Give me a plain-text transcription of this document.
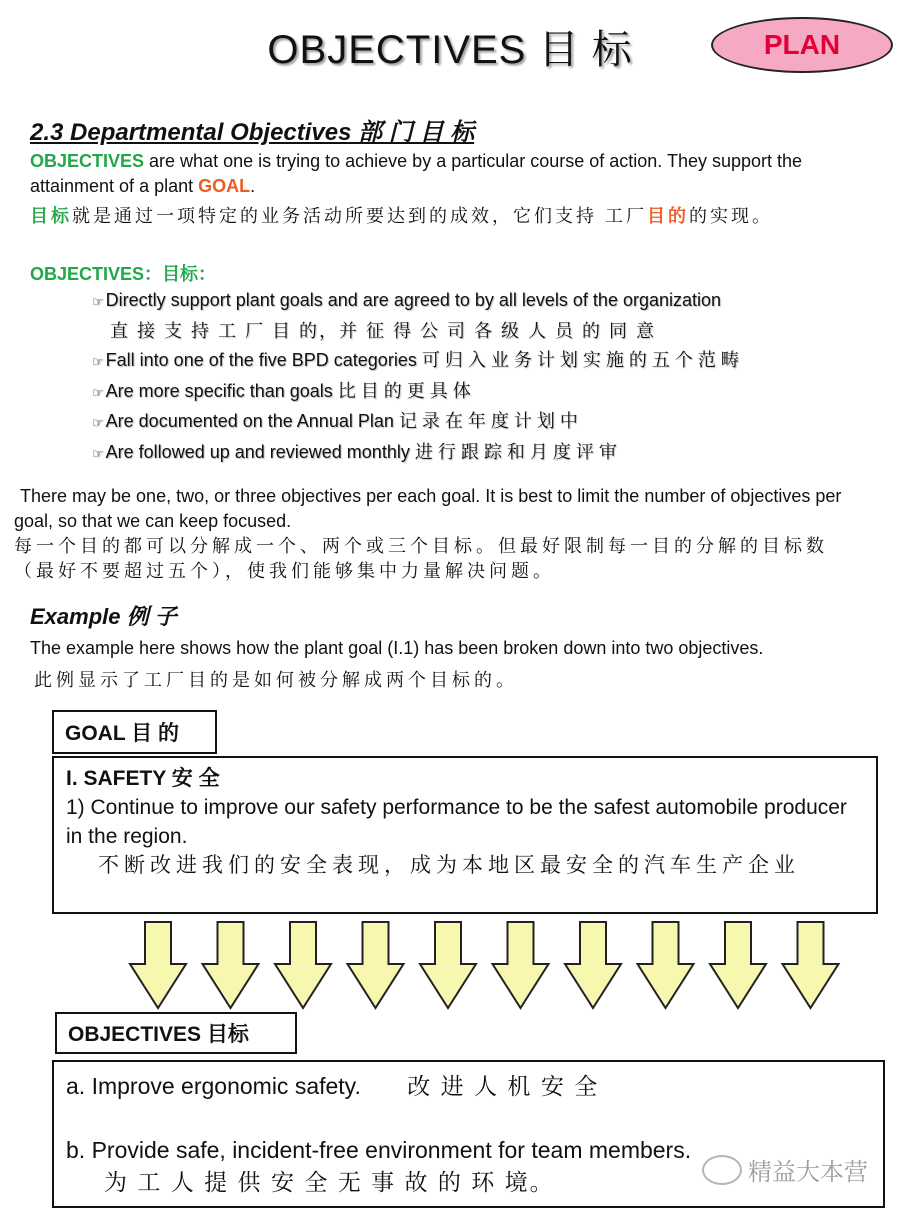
OBJECTIVES 目 标	PLAN
2.3 Departmental Objectives 部 门 目 标
OBJECTIVES are what one is trying to achieve by a particular course of action. They support the attainment of a plant GOAL.
目标就是通过一项特定的业务活动所要达到的成效，它们支持 工厂目的的实现。
OBJECTIVES：目标：
☞ Directly support plant goals and are agreed to by all levels of the organization
直 接 支 持 工 厂 目 的，并 征 得 公 司 各 级 人 员 的 同 意
☞ Fall into one of the five BPD categories 可 归 入 业 务 计 划 实 施 的 五 个 范 畴
☞ Are more specific than goals 比 目 的 更 具 体
☞ Are documented on the Annual Plan 记 录 在 年 度 计 划 中
☞ Are followed up and reviewed monthly 进 行 跟 踪 和 月 度 评 审
There may be one, two, or three objectives per each goal. It is best to limit the number of objectives per goal, so that we can keep focused.
每一个目的都可以分解成一个、两个或三个目标。但最好限制每一目的分解的目标数（最好不要超过五个），使我们能够集中力量解决问题。
Example 例 子
The example here shows how the plant goal (I.1) has been broken down into two objectives.
此例显示了工厂目的是如何被分解成两个目标的。
GOAL 目 的
I. SAFETY 安 全
1) Continue to improve our safety performance to be the safest automobile producer in the region.
不断改进我们的安全表现，成为本地区最安全的汽车生产企业
OBJECTIVES 目标
a. Improve ergonomic safety. 改 进 人 机 安 全
b. Provide safe, incident-free environment for team members.
为 工 人 提 供 安 全 无 事 故 的 环 境。	精益大本营
